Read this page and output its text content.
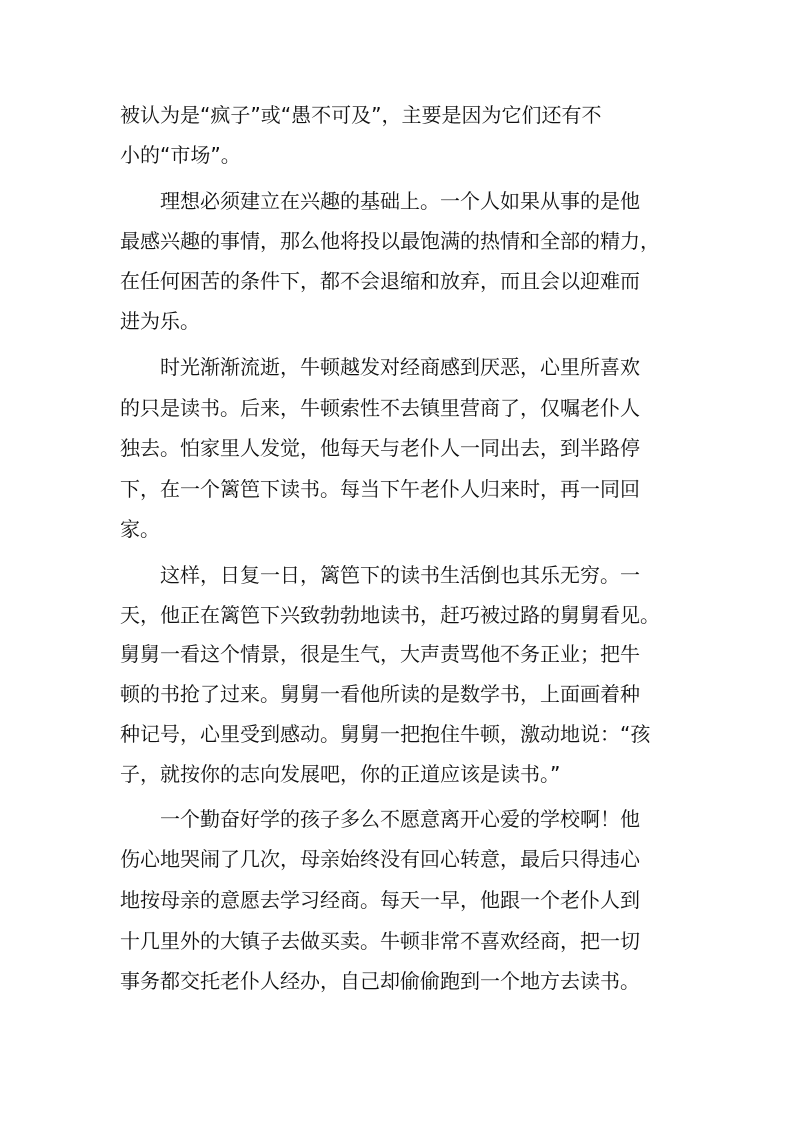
被认为是“疯子”或“愚不可及”，主要是因为它们还有不
小的“市场”。
理想必须建立在兴趣的基础上。一个人如果从事的是他
最感兴趣的事情，那么他将投以最饱满的热情和全部的精力，
在任何困苦的条件下，都不会退缩和放弃，而且会以迎难而
进为乐。
时光渐渐流逝，牛顿越发对经商感到厌恶，心里所喜欢
的只是读书。后来，牛顿索性不去镇里营商了，仅嘱老仆人
独去。怕家里人发觉，他每天与老仆人一同出去，到半路停
下，在一个篱笆下读书。每当下午老仆人归来时，再一同回
家。
这样，日复一日，篱笆下的读书生活倒也其乐无穷。一
天，他正在篱笆下兴致勃勃地读书，赶巧被过路的舅舅看见。
舅舅一看这个情景，很是生气，大声责骂他不务正业；把牛
顿的书抢了过来。舅舅一看他所读的是数学书，上面画着种
种记号，心里受到感动。舅舅一把抱住牛顿，激动地说：“孩
子，就按你的志向发展吧，你的正道应该是读书。”
一个勤奋好学的孩子多么不愿意离开心爱的学校啊！他
伤心地哭闹了几次，母亲始终没有回心转意，最后只得违心
地按母亲的意愿去学习经商。每天一早，他跟一个老仆人到
十几里外的大镇子去做买卖。牛顿非常不喜欢经商，把一切
事务都交托老仆人经办，自己却偷偷跑到一个地方去读书。
